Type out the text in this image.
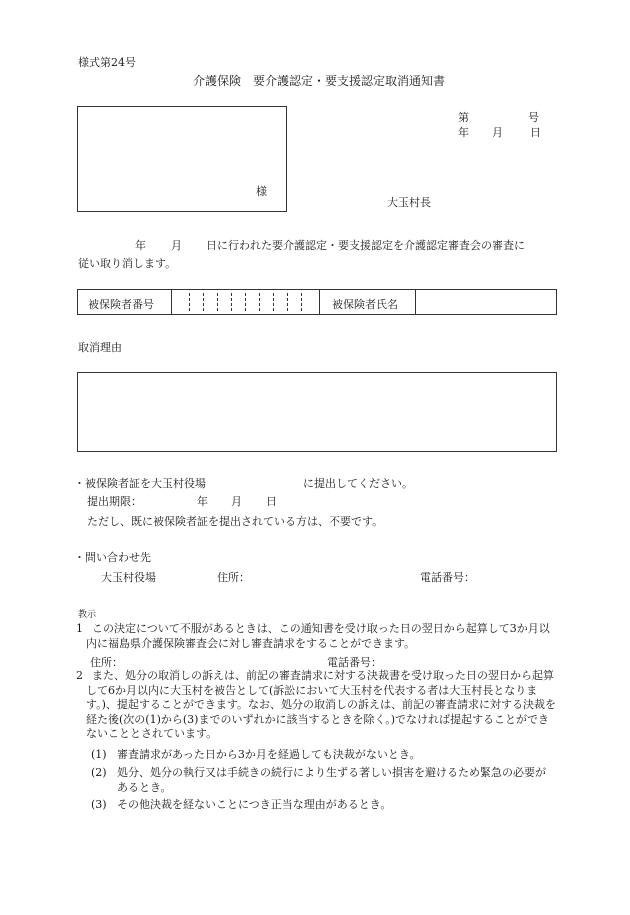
様式第24号
介護保険　要介護認定・要支援認定取消通知書
第	号
年 月 日
様
大玉村長
年 月 日に行われた要介護認定・要支援認定を介護認定審査会の審査に
従い取り消します。
被保険者番号	被保険者氏名
取消理由
・被保険者証を大玉村役場	に提出してください。
提出期限：	年 月 日
ただし、既に被保険者証を提出されている方は、不要です。
・問い合わせ先
大玉村役場	住所：	電話番号：
教示
1 この決定について不服があるときは、この通知書を受け取った日の翌日から起算して3か月以内に福島県介護保険審査会に対し審査請求をすることができます。
住所：	電話番号：
2 また、処分の取消しの訴えは、前記の審査請求に対する決裁書を受け取った日の翌日から起算して6か月以内に大玉村を被告として(訴訟において大玉村を代表する者は大玉村長となります。)、提起することができます。なお、処分の取消しの訴えは、前記の審査請求に対する決裁を経た後(次の(1)から(3)までのいずれかに該当するときを除く。)でなければ提起することができないこととされています。
(1) 審査請求があった日から3か月を経過しても決裁がないとき。
(2) 処分、処分の執行又は手続きの続行により生ずる著しい損害を避けるため緊急の必要があるとき。
(3) その他決裁を経ないことにつき正当な理由があるとき。
